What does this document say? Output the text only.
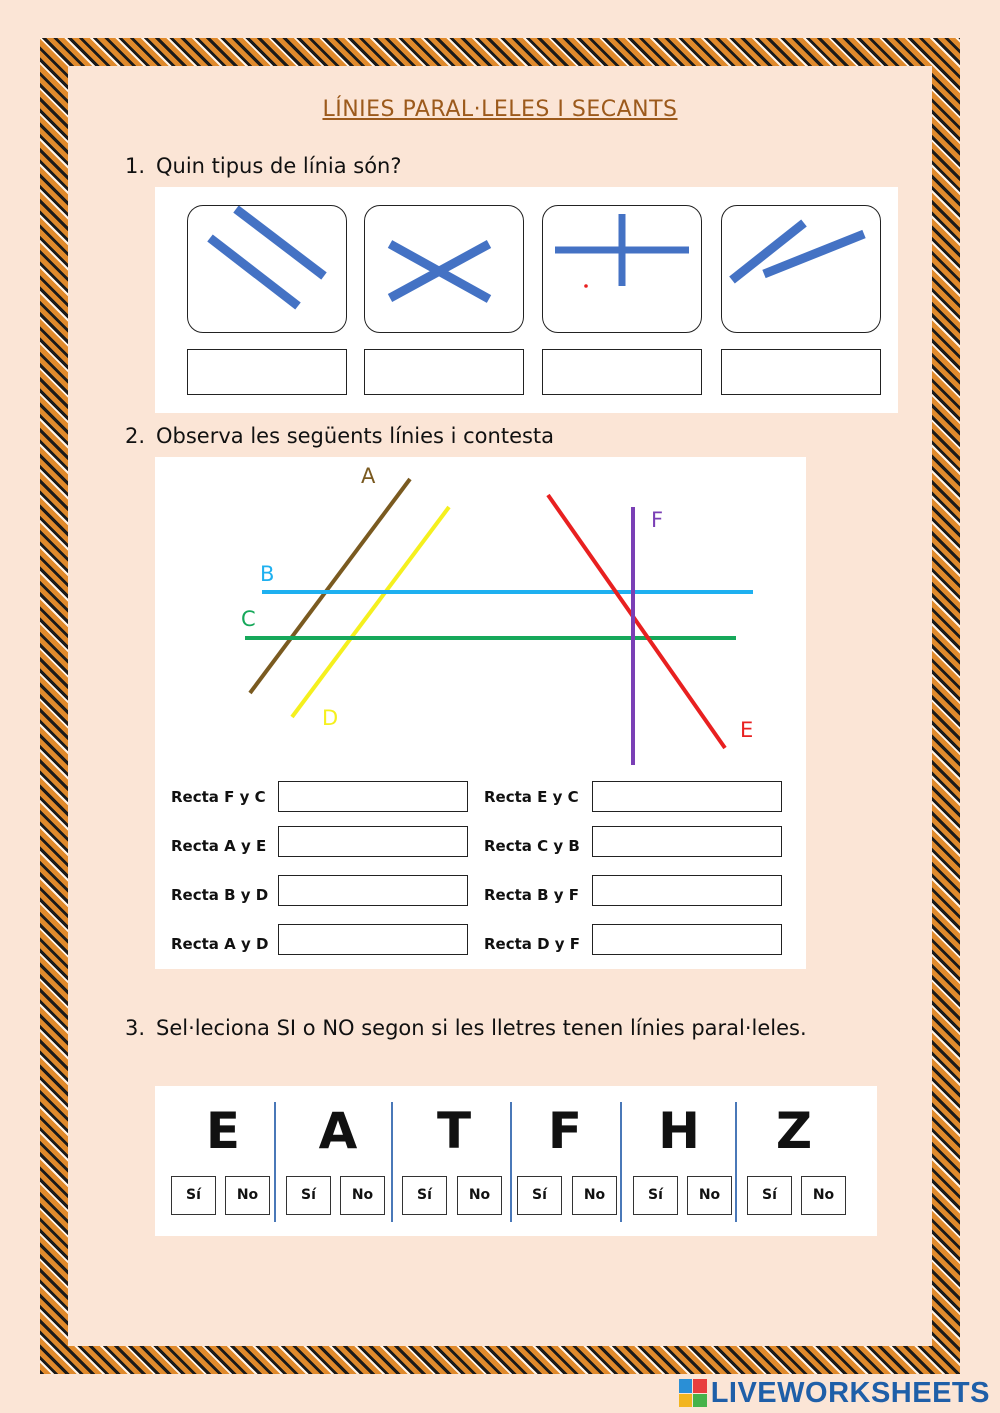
LÍNIES PARAL·LELES I SECANTS
1. Quin tipus de línia són?
2. Observa les següents línies i contesta
A
B
C
D	E
F
Recta F y C
Recta A y E
Recta B y D
Recta A y D
Recta E y C
Recta C y B
Recta B y F
Recta D y F
3. Sel·leciona SI o NO segon si les lletres tenen línies paral·leles.
E
Sí	No
A
Sí	No
T
Sí	No
F
Sí	No
H
Sí	No
Z
Sí	No
LIVEWORKSHEETS
